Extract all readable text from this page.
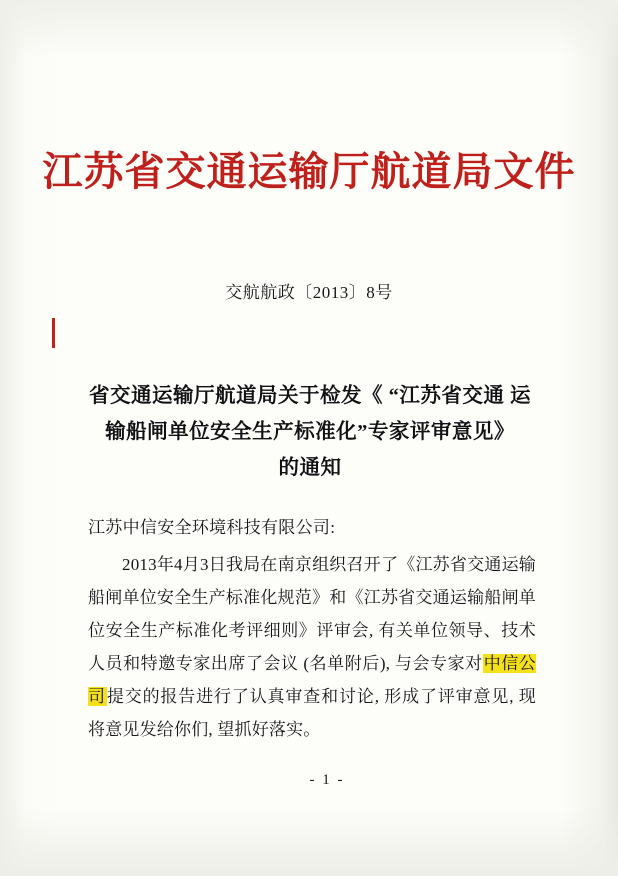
江苏省交通运输厅航道局文件
交航航政〔2013〕8号
省交通运输厅航道局关于检发《 “江苏省交通 运输船闸单位安全生产标准化”专家评审意见》
的通知
江苏中信安全环境科技有限公司:
2013年4月3日我局在南京组织召开了《江苏省交通运输船闸单位安全生产标准化规范》和《江苏省交通运输船闸单位安全生产标准化考评细则》评审会, 有关单位领导、技术人员和特邀专家出席了会议 (名单附后), 与会专家对中信公司提交的报告进行了认真审查和讨论, 形成了评审意见, 现将意见发给你们, 望抓好落实。
- 1 -
